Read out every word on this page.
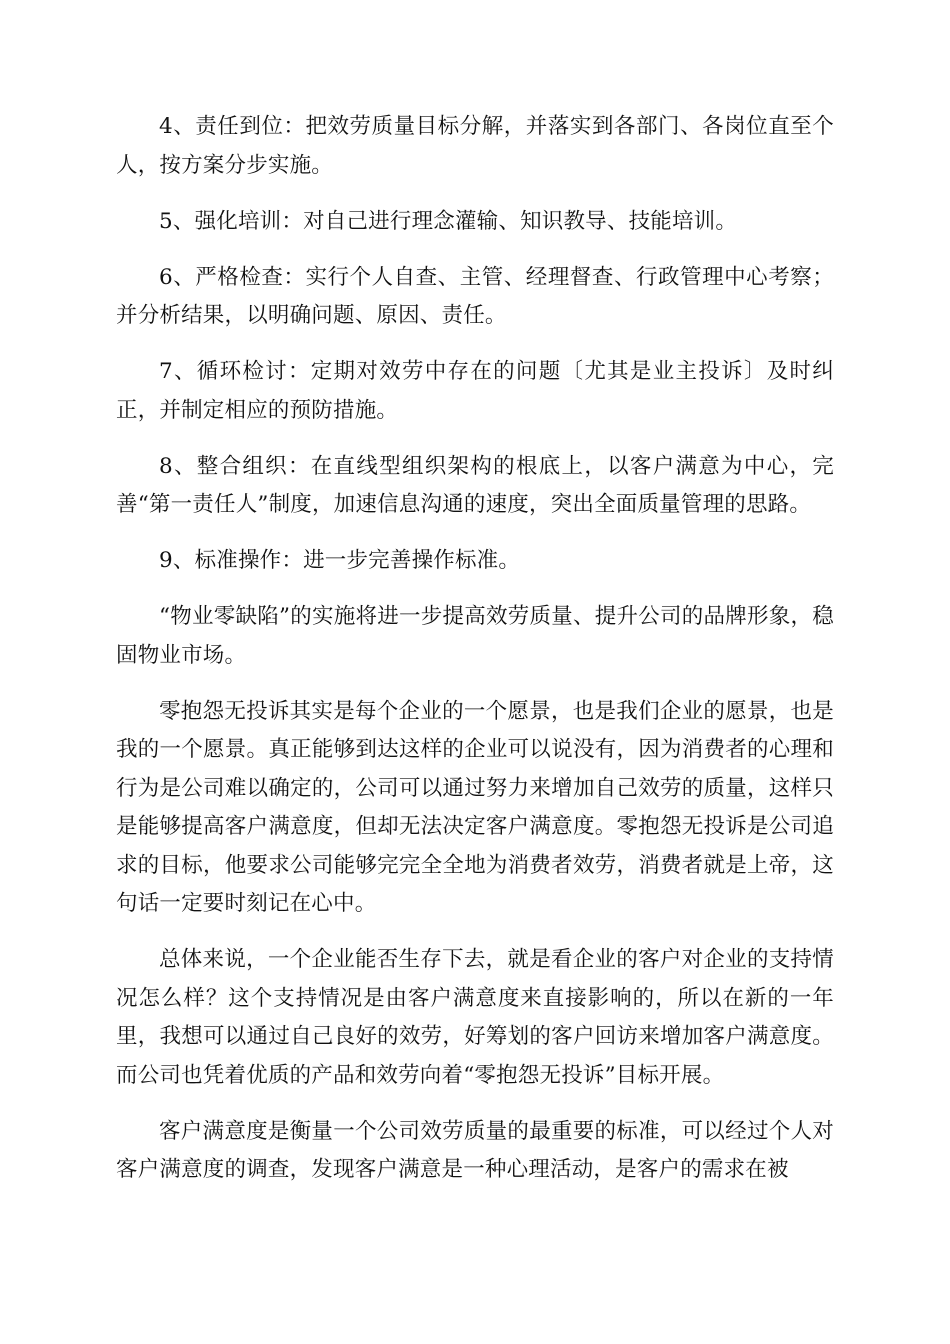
4、责任到位：把效劳质量目标分解，并落实到各部门、各岗位直至个人，按方案分步实施。

5、强化培训：对自己进行理念灌输、知识教导、技能培训。

6、严格检查：实行个人自查、主管、经理督查、行政管理中心考察；并分析结果，以明确问题、原因、责任。

7、循环检讨：定期对效劳中存在的问题〔尤其是业主投诉〕及时纠正，并制定相应的预防措施。

8、整合组织：在直线型组织架构的根底上，以客户满意为中心，完善“第一责任人”制度，加速信息沟通的速度，突出全面质量管理的思路。

9、标准操作：进一步完善操作标准。

“物业零缺陷”的实施将进一步提高效劳质量、提升公司的品牌形象，稳固物业市场。

零抱怨无投诉其实是每个企业的一个愿景，也是我们企业的愿景，也是我的一个愿景。真正能够到达这样的企业可以说没有，因为消费者的心理和行为是公司难以确定的，公司可以通过努力来增加自己效劳的质量，这样只是能够提高客户满意度，但却无法决定客户满意度。零抱怨无投诉是公司追求的目标，他要求公司能够完完全全地为消费者效劳，消费者就是上帝，这句话一定要时刻记在心中。

总体来说，一个企业能否生存下去，就是看企业的客户对企业的支持情况怎么样？这个支持情况是由客户满意度来直接影响的，所以在新的一年里，我想可以通过自己良好的效劳，好筹划的客户回访来增加客户满意度。而公司也凭着优质的产品和效劳向着“零抱怨无投诉”目标开展。

客户满意度是衡量一个公司效劳质量的最重要的标准，可以经过个人对客户满意度的调查，发现客户满意是一种心理活动，是客户的需求在被
